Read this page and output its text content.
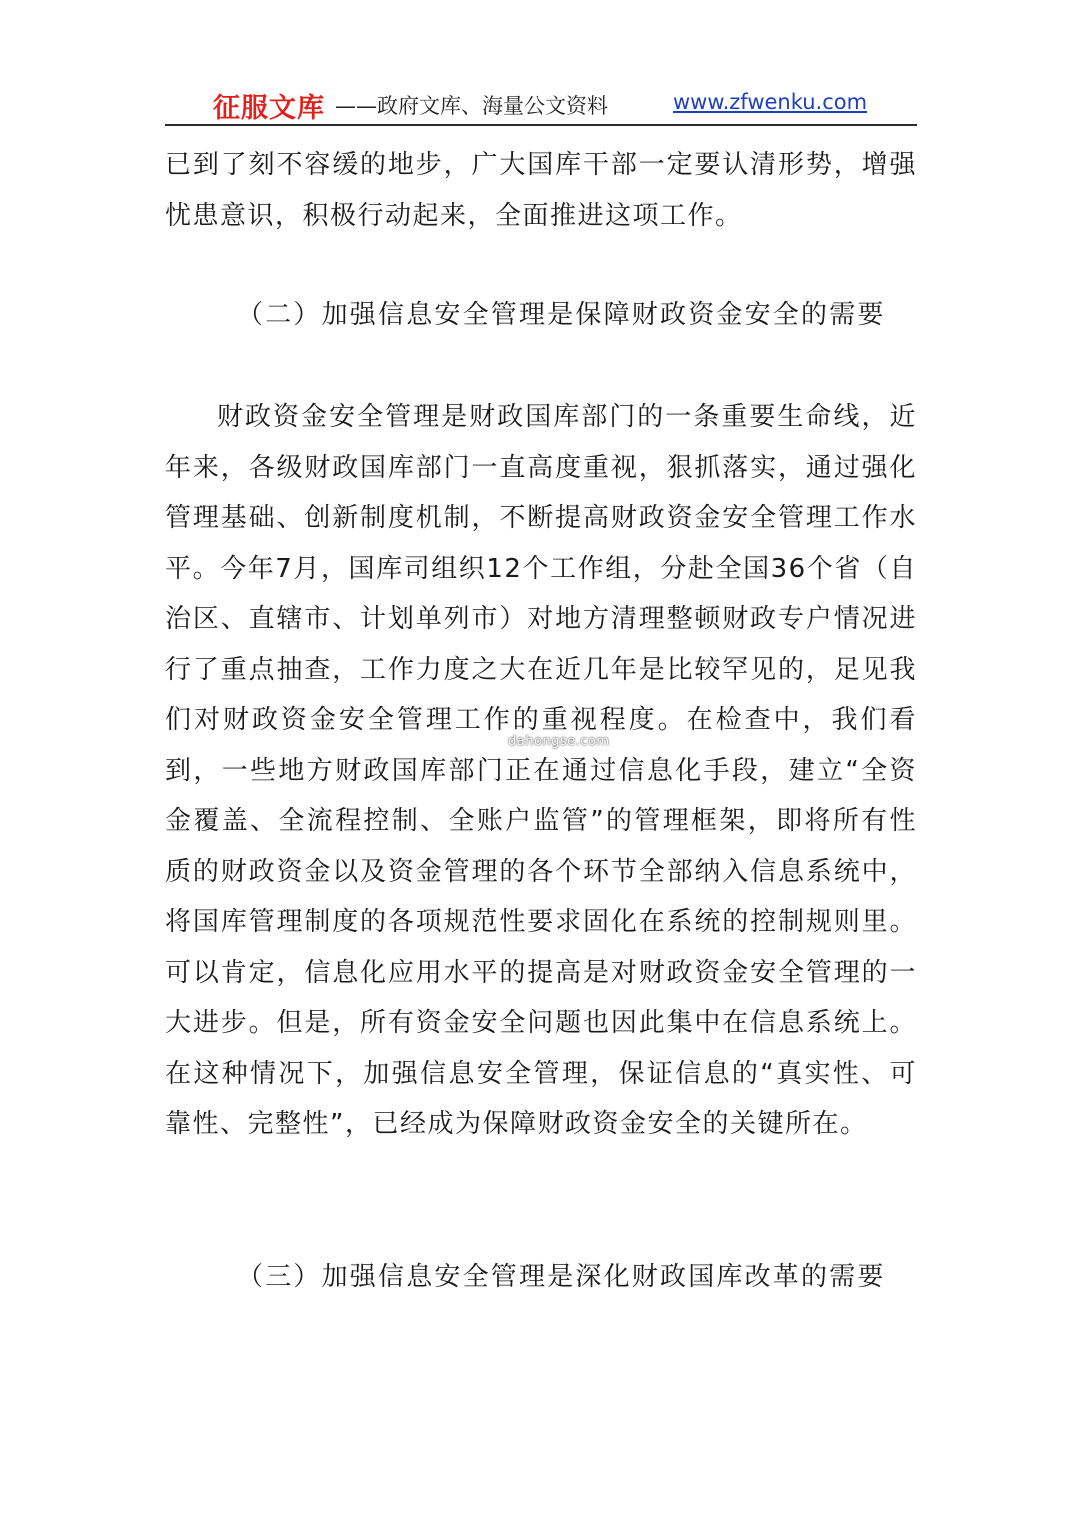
征服文库 ——政府文库、海量公文资料	www.zfwenku.com

已到了刻不容缓的地步，广大国库干部一定要认清形势，增强忧患意识，积极行动起来，全面推进这项工作。

（二）加强信息安全管理是保障财政资金安全的需要

财政资金安全管理是财政国库部门的一条重要生命线，近年来，各级财政国库部门一直高度重视，狠抓落实，通过强化管理基础、创新制度机制，不断提高财政资金安全管理工作水平。今年7月，国库司组织12个工作组，分赴全国36个省（自治区、直辖市、计划单列市）对地方清理整顿财政专户情况进行了重点抽查，工作力度之大在近几年是比较罕见的，足见我们对财政资金安全管理工作的重视程度。在检查中，我们看到，一些地方财政国库部门正在通过信息化手段，建立“全资金覆盖、全流程控制、全账户监管”的管理框架，即将所有性质的财政资金以及资金管理的各个环节全部纳入信息系统中，将国库管理制度的各项规范性要求固化在系统的控制规则里。可以肯定，信息化应用水平的提高是对财政资金安全管理的一大进步。但是，所有资金安全问题也因此集中在信息系统上。在这种情况下，加强信息安全管理，保证信息的“真实性、可靠性、完整性”，已经成为保障财政资金安全的关键所在。

dahongse.com

（三）加强信息安全管理是深化财政国库改革的需要
